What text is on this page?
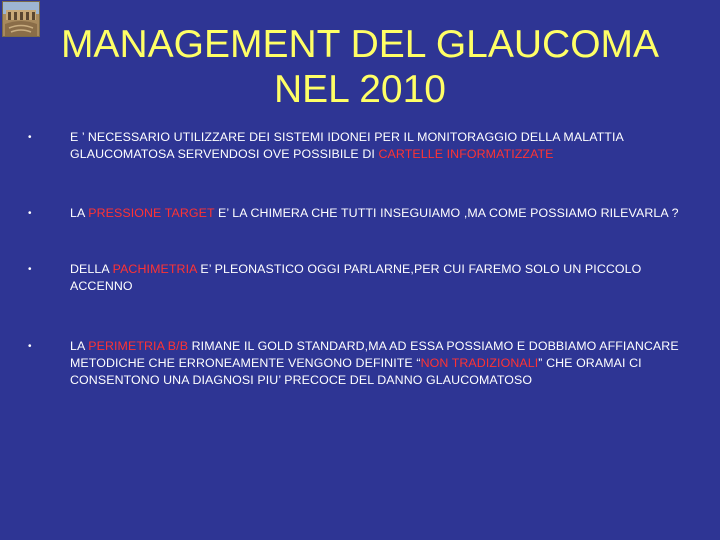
MANAGEMENT DEL GLAUCOMA
NEL 2010
•	E ’ NECESSARIO UTILIZZARE DEI SISTEMI IDONEI PER IL MONITORAGGIO DELLA MALATTIA GLAUCOMATOSA SERVENDOSI OVE POSSIBILE DI CARTELLE INFORMATIZZATE
•	LA PRESSIONE TARGET E’ LA CHIMERA CHE TUTTI INSEGUIAMO ,MA COME POSSIAMO RILEVARLA ?
•	DELLA PACHIMETRIA E’ PLEONASTICO OGGI PARLARNE,PER CUI FAREMO SOLO UN PICCOLO ACCENNO
•	LA PERIMETRIA B/B RIMANE IL GOLD STANDARD,MA AD ESSA POSSIAMO E DOBBIAMO AFFIANCARE METODICHE CHE ERRONEAMENTE VENGONO DEFINITE “NON TRADIZIONALI” CHE ORAMAI CI CONSENTONO UNA DIAGNOSI PIU’ PRECOCE DEL DANNO GLAUCOMATOSO
